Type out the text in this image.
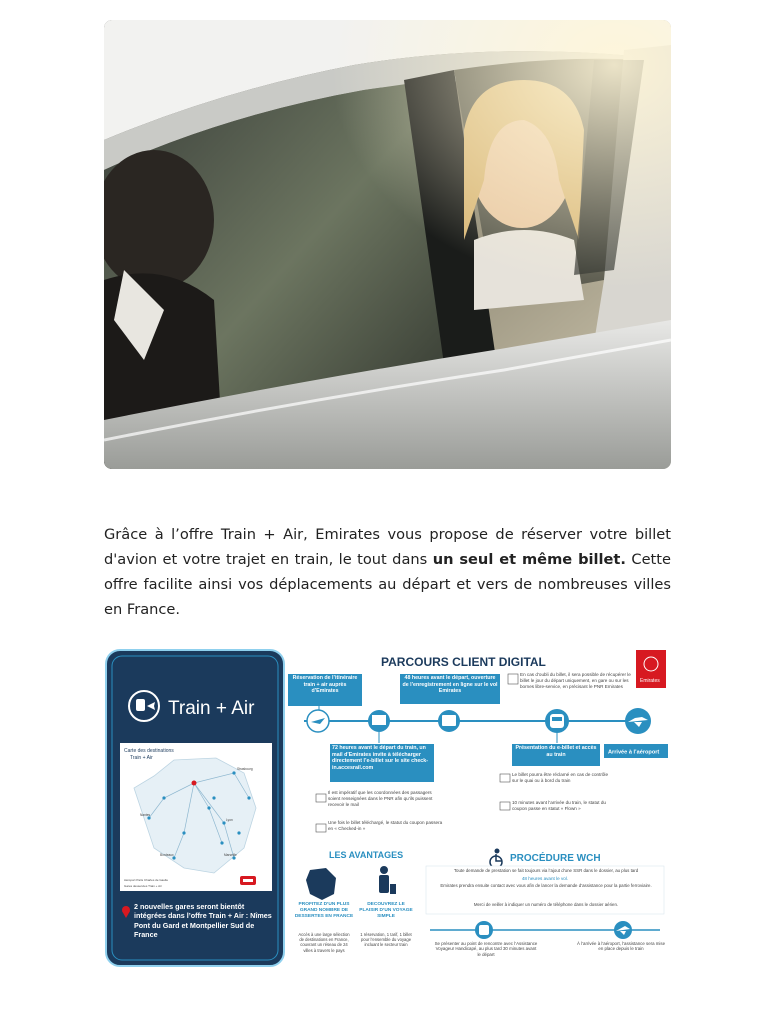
Grâce à l’offre Train + Air, Emirates vous propose de réserver votre billet d'avion et votre trajet en train, le tout dans un seul et même billet. Cette offre facilite ainsi vos déplacements au départ et vers de nombreuses villes en France.

Train + Air
Carte des destinations
Train + Air
Strasbourg
Lyon
Marseille
Nantes
Bordeaux
Aéroport Paris Charles de Gaulle
Gares desservies Train + Air
2 nouvelles gares seront bientôt intégrées dans l’offre Train + Air : Nîmes Pont du Gard et Montpellier Sud de France
PARCOURS CLIENT DIGITAL
Emirates
Réservation de l’itinéraire train + air auprès d’Emirates
48 heures avant le départ, ouverture de l’enregistrement en ligne sur le vol Emirates
En cas d’oubli du billet, il sera possible de récupérer le billet le jour du départ uniquement, en gare ou sur les bornes libre-service, en précisant le PNR Emirates
72 heures avant le départ du train, un mail d’Emirates invite à télécharger directement l’e-billet sur le site check-in.accesrail.com
Il est impératif que les coordonnées des passagers soient renseignées dans le PNR afin qu’ils puissent recevoir le mail
Une fois le billet téléchargé, le statut du coupon passera en « Checked-in »
Présentation du e-billet et accès au train	Arrivée à l’aéroport
Le billet pourra être réclamé en cas de contrôle sur le quai ou à bord du train
10 minutes avant l’arrivée du train, le statut du coupon passe en statut « Flown »
LES AVANTAGES
PROFITEZ D’UN PLUS GRAND NOMBRE DE DESSERTES EN FRANCE
Accès à une large sélection de destinations en France, couvrant un réseau de 24 villes à travers le pays
DÉCOUVREZ LE PLAISIR D’UN VOYAGE SIMPLE
1 réservation, 1 tarif, 1 billet pour l’ensemble du voyage incluant le secteur train
PROCÉDURE WCH
Toute demande de prestation se fait toujours via l’ajout d’une SSR dans le dossier, au plus tard
48 heures avant le vol.
Emirates prendra ensuite contact avec vous afin de lancer la demande d’assistance pour la partie ferroviaire.
Merci de veiller à indiquer un numéro de téléphone dans le dossier aérien.
Se présenter au point de rencontre avec l’Assistance Voyageur Handicapé, au plus tard 30 minutes avant le départ
À l’arrivée à l’aéroport, l’assistance sera mise en place depuis le train
